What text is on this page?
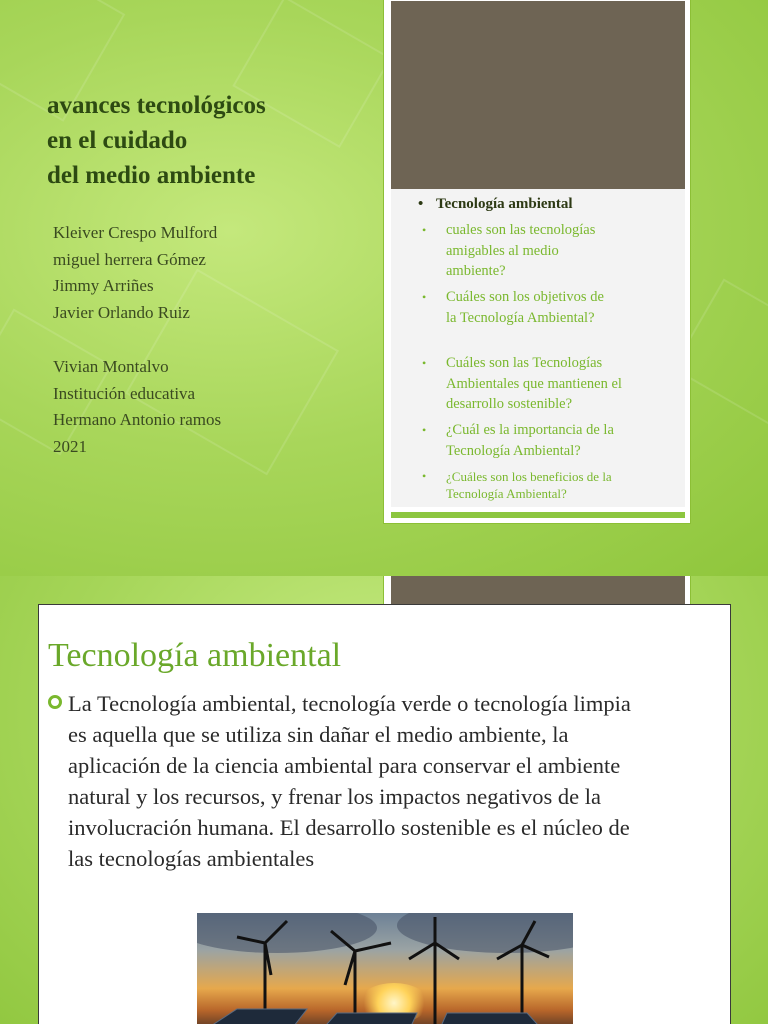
avances tecnológicos
en el cuidado
del medio ambiente
Kleiver Crespo Mulford
miguel herrera Gómez
Jimmy Arriñes
Javier Orlando Ruiz
Vivian Montalvo
Institución educativa
Hermano Antonio ramos
2021
• Tecnología ambiental
•	cuales son las tecnologías
amigables al medio
ambiente?
•	Cuáles son los objetivos de
la Tecnología Ambiental?
•	Cuáles son las Tecnologías
Ambientales que mantienen el
desarrollo sostenible?
•	¿Cuál es la importancia de la
Tecnología Ambiental?
•	¿Cuáles son los beneficios de la
Tecnología Ambiental?
Tecnología ambiental
La Tecnología ambiental, tecnología verde o tecnología limpia
es aquella que se utiliza sin dañar el medio ambiente, la
aplicación de la ciencia ambiental para conservar el ambiente
natural y los recursos, y frenar los impactos negativos de la
involucración humana. El desarrollo sostenible es el núcleo de
las tecnologías ambientales
